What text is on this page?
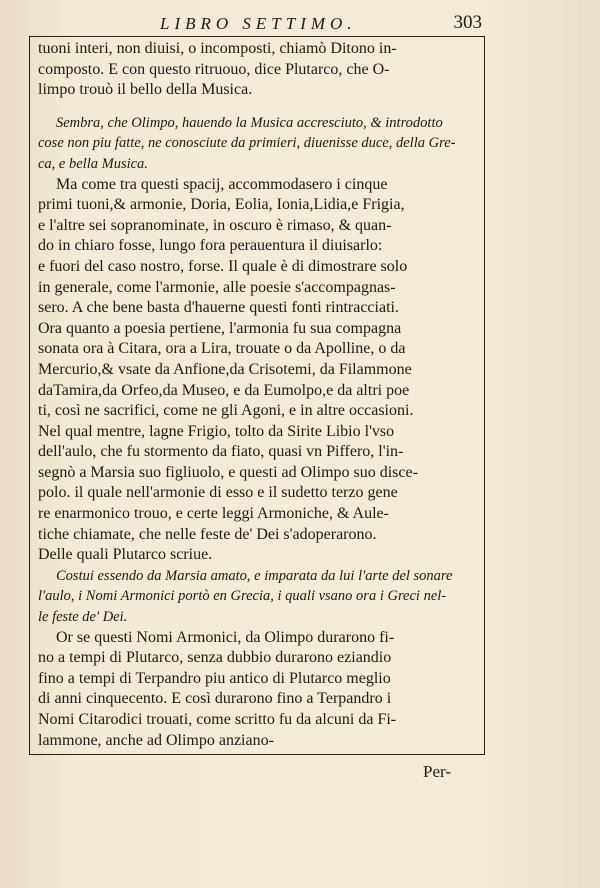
LIBRO SETTIMO.	303
tuoni interi, non diuisi, o incomposti, chiamò Ditono in-
composto. E con questo ritruouo, dice Plutarco, che O-
limpo trouò il bello della Musica.
Sembra, che Olimpo, hauendo la Musica accresciuto, & introdotto
cose non piu fatte, ne conosciute da primieri, diuenisse duce, della Gre-
ca, e bella Musica.
Ma come tra questi spacij, accommodasero i cinque
primi tuoni,& armonie, Doria, Eolia, Ionia,Lidia,e Frigia,
e l'altre sei sopranominate, in oscuro è rimaso, & quan-
do in chiaro fosse, lungo fora perauentura il diuisarlo:
e fuori del caso nostro, forse. Il quale è di dimostrare solo
in generale, come l'armonie, alle poesie s'accompagnas-
sero. A che bene basta d'hauerne questi fonti rintracciati.
Ora quanto a poesia pertiene, l'armonia fu sua compagna
sonata ora à Citara, ora a Lira, trouate o da Apolline, o da
Mercurio,& vsate da Anfione,da Crisotemi, da Filammone
daTamira,da Orfeo,da Museo, e da Eumolpo,e da altri poe
ti, così ne sacrifici, come ne gli Agoni, e in altre occasioni.
Nel qual mentre, lagne Frigio, tolto da Sirite Libio l'vso
dell'aulo, che fu stormento da fiato, quasi vn Piffero, l'in-
segnò a Marsia suo figliuolo, e questi ad Olimpo suo disce-
polo. il quale nell'armonie di esso e il sudetto terzo gene
re enarmonico trouo, e certe leggi Armoniche, & Aule-
tiche chiamate, che nelle feste de' Dei s'adoperarono.
Delle quali Plutarco scriue.
Costui essendo da Marsia amato, e imparata da lui l'arte del sonare
l'aulo, i Nomi Armonici portò en Grecia, i quali vsano ora i Greci nel-
le feste de' Dei.
Or se questi Nomi Armonici, da Olimpo durarono fi-
no a tempi di Plutarco, senza dubbio durarono eziandio
fino a tempi di Terpandro piu antico di Plutarco meglio
di anni cinquecento. E così durarono fino a Terpandro i
Nomi Citarodici trouati, come scritto fu da alcuni da Fi-
lammone, anche ad Olimpo anziano-
Per-
